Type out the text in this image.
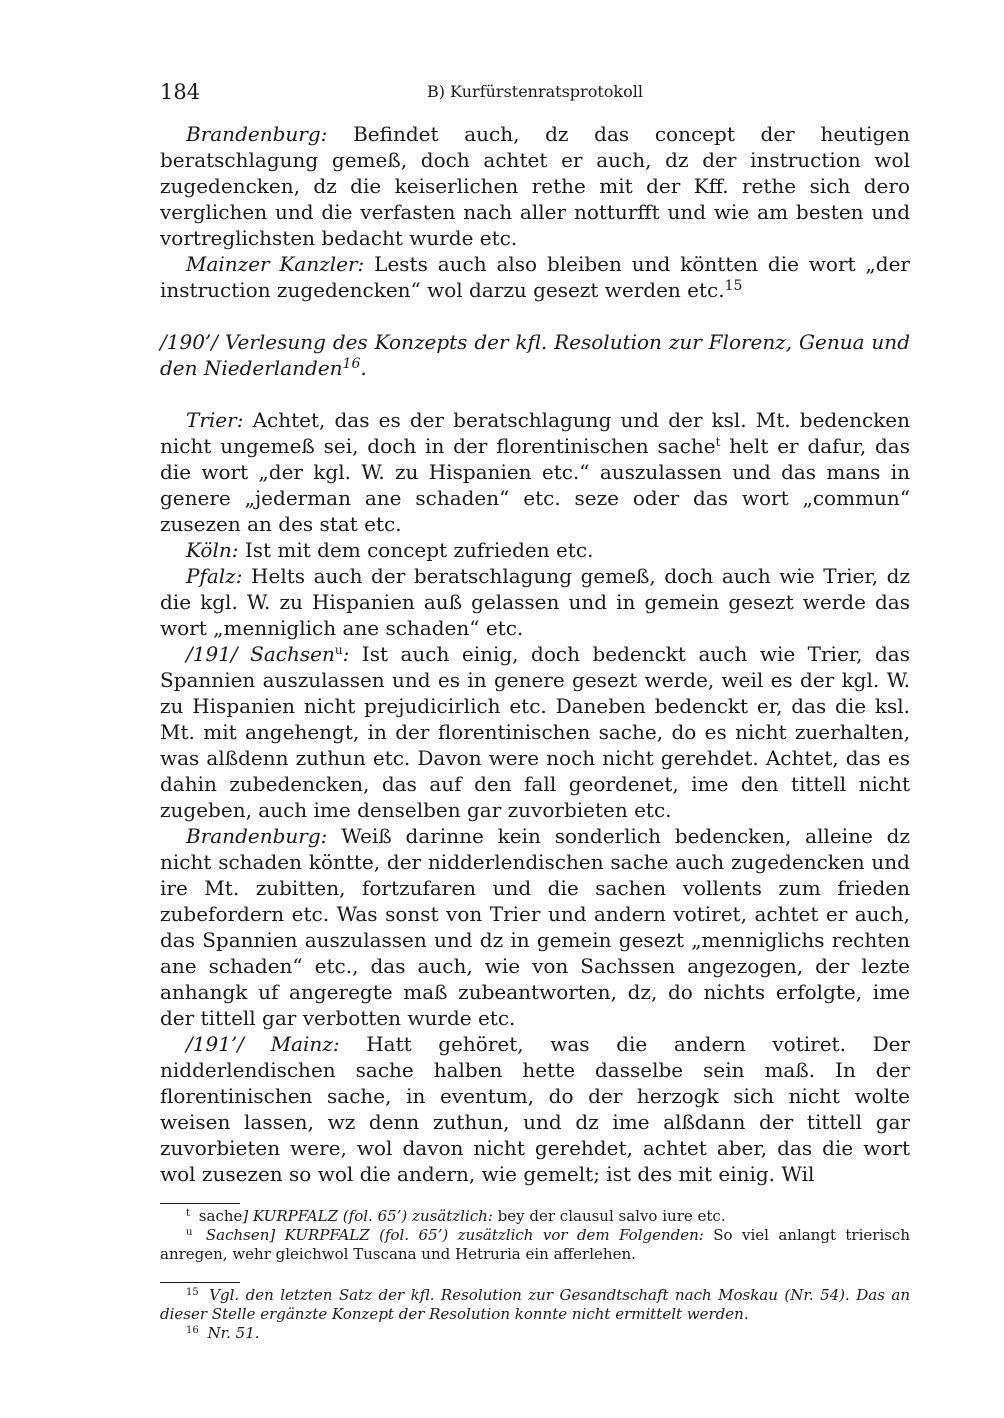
184	B) Kurfürstenratsprotokoll

Brandenburg: Befindet auch, dz das concept der heutigen beratschlagung gemeß, doch achtet er auch, dz der instruction wol zugedencken, dz die keiserlichen rethe mit der Kff. rethe sich dero verglichen und die verfasten nach aller notturfft und wie am besten und vortreglichsten bedacht wurde etc.

Mainzer Kanzler: Lests auch also bleiben und köntten die wort „der instruction zugedencken“ wol darzu gesezt werden etc.$^{15}$

/190’/ Verlesung des Konzepts der kfl. Resolution zur Florenz, Genua und den Niederlanden$^{16}$.

Trier: Achtet, das es der beratschlagung und der ksl. Mt. bedencken nicht ungemeß sei, doch in der florentinischen sache$^t$ helt er dafur, das die wort „der kgl. W. zu Hispanien etc.“ auszulassen und das mans in genere „jederman ane schaden“ etc. seze oder das wort „commun“ zusezen an des stat etc.

Köln: Ist mit dem concept zufrieden etc.

Pfalz: Helts auch der beratschlagung gemeß, doch auch wie Trier, dz die kgl. W. zu Hispanien auß gelassen und in gemein gesezt werde das wort „menniglich ane schaden“ etc.

/191/ Sachsen$^u$: Ist auch einig, doch bedenckt auch wie Trier, das Spannien auszulassen und es in genere gesezt werde, weil es der kgl. W. zu Hispanien nicht prejudicirlich etc. Daneben bedenckt er, das die ksl. Mt. mit angehengt, in der florentinischen sache, do es nicht zuerhalten, was alßdenn zuthun etc. Davon were noch nicht gerehdet. Achtet, das es dahin zubedencken, das auf den fall geordenet, ime den tittell nicht zugeben, auch ime denselben gar zuvorbieten etc.

Brandenburg: Weiß darinne kein sonderlich bedencken, alleine dz nicht schaden köntte, der nidderlendischen sache auch zugedencken und ire Mt. zubitten, fortzufaren und die sachen vollents zum frieden zubefordern etc. Was sonst von Trier und andern votiret, achtet er auch, das Spannien auszulassen und dz in gemein gesezt „menniglichs rechten ane schaden“ etc., das auch, wie von Sachssen angezogen, der lezte anhangk uf angeregte maß zubeantworten, dz, do nichts erfolgte, ime der tittell gar verbotten wurde etc.

/191’/ Mainz: Hatt gehöret, was die andern votiret. Der nidderlendischen sache halben hette dasselbe sein maß. In der florentinischen sache, in eventum, do der herzogk sich nicht wolte weisen lassen, wz denn zuthun, und dz ime alßdann der tittell gar zuvorbieten were, wol davon nicht gerehdet, achtet aber, das die wort wol zusezen so wol die andern, wie gemelt; ist des mit einig. Wil

$^t$ sache] KURPFALZ (fol. 65’) zusätzlich: bey der clausul salvo iure etc.

$^u$ Sachsen] KURPFALZ (fol. 65’) zusätzlich vor dem Folgenden: So viel anlangt trierisch anregen, wehr gleichwol Tuscana und Hetruria ein afferlehen.

$^{15}$ Vgl. den letzten Satz der kfl. Resolution zur Gesandtschaft nach Moskau (Nr. 54). Das an dieser Stelle ergänzte Konzept der Resolution konnte nicht ermittelt werden.

$^{16}$ Nr. 51.
